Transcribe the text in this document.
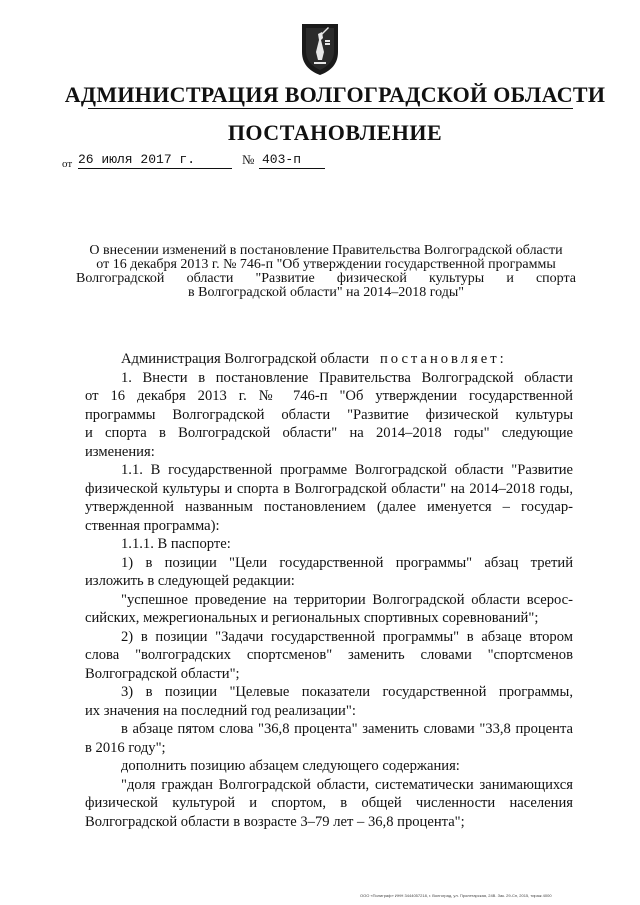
АДМИНИСТРАЦИЯ ВОЛГОГРАДСКОЙ ОБЛАСТИ
ПОСТАНОВЛЕНИЕ
от 26 июля 2017 г.	№ 403-п
О внесении изменений в постановление Правительства Волгоградской области
от 16 декабря 2013 г. № 746-п "Об утверждении государственной программы
Волгоградской области "Развитие физической культуры и спорта
в Волгоградской области" на 2014–2018 годы"

Администрация Волгоградской области постановляет:

1. Внести в постановление Правительства Волгоградской области

от 16 декабря 2013 г. № 746-п "Об утверждении государственной

программы Волгоградской области "Развитие физической культуры

и спорта в Волгоградской области" на 2014–2018 годы" следующие

изменения:

1.1. В государственной программе Волгоградской области "Развитие

физической культуры и спорта в Волгоградской области" на 2014–2018 годы,

утвержденной названным постановлением (далее именуется – государ-

ственная программа):

1.1.1. В паспорте:

1) в позиции "Цели государственной программы" абзац третий

изложить в следующей редакции:

"успешное проведение на территории Волгоградской области всерос-

сийских, межрегиональных и региональных спортивных соревнований";

2) в позиции "Задачи государственной программы" в абзаце втором

слова "волгоградских спортсменов" заменить словами "спортсменов

Волгоградской области";

3) в позиции "Целевые показатели государственной программы,

их значения на последний год реализации":

в абзаце пятом слова "36,8 процента" заменить словами "33,8 процента

в 2016 году";

дополнить позицию абзацем следующего содержания:

"доля граждан Волгоградской области, систематически занимающихся

физической культурой и спортом, в общей численности населения

Волгоградской области в возрасте 3–79 лет – 36,8 процента";

ООО «Полиграф» ИНН 3444057218, г. Волгоград, ул. Пролетарская, 24В. Зак. 29-Сп, 2015, тираж 4000
